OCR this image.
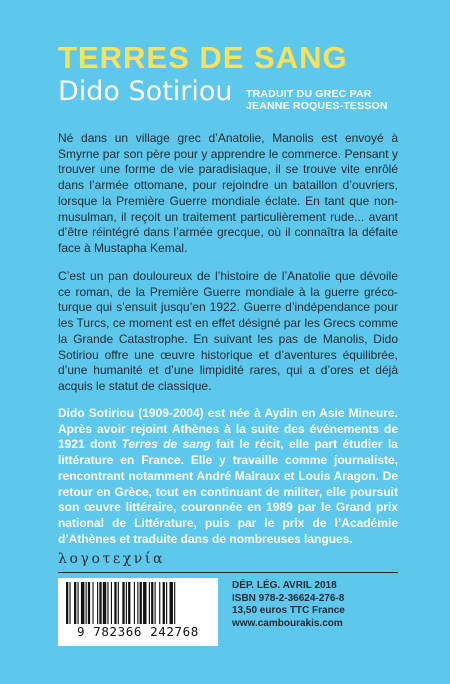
TERRES DE SANG
Dido Sotiriou TRADUIT DU GREC PAR
JEANNE ROQUES-TESSON

Né dans un village grec d’Anatolie, Manolis est envoyé à Smyrne par son père pour y apprendre le commerce. Pensant y trouver une forme de vie paradisiaque, il se trouve vite enrôlé dans l’armée ottomane, pour rejoindre un bataillon d’ouvriers, lorsque la Première Guerre mondiale éclate. En tant que non-musulman, il reçoit un traitement particulièrement rude... avant d’être réintégré dans l’armée grecque, où il connaîtra la défaite face à Mustapha Kemal.

C’est un pan douloureux de l’histoire de l’Anatolie que dévoile ce roman, de la Première Guerre mondiale à la guerre gréco-turque qui s’ensuit jusqu’en 1922. Guerre d’indépendance pour les Turcs, ce moment est en effet désigné par les Grecs comme la Grande Catastrophe. En suivant les pas de Manolis, Dido Sotiriou offre une œuvre historique et d’aventures équilibrée, d’une humanité et d’une limpidité rares, qui a d’ores et déjà acquis le statut de classique.

Dido Sotiriou (1909-2004) est née à Aydin en Asie Mineure. Après avoir rejoint Athènes à la suite des événements de 1921 dont Terres de sang fait le récit, elle part étudier la littérature en France. Elle y travaille comme journaliste, rencontrant notamment André Malraux et Louis Aragon. De retour en Grèce, tout en continuant de militer, elle poursuit son œuvre littéraire, couronnée en 1989 par le Grand prix national de Littérature, puis par le prix de l’Académie d’Athènes et traduite dans de nombreuses langues.

λογοτεχνία
9 782366 242768
DÉP. LÉG. AVRIL 2018
ISBN 978-2-36624-276-8
13,50 euros TTC France
www.cambourakis.com
